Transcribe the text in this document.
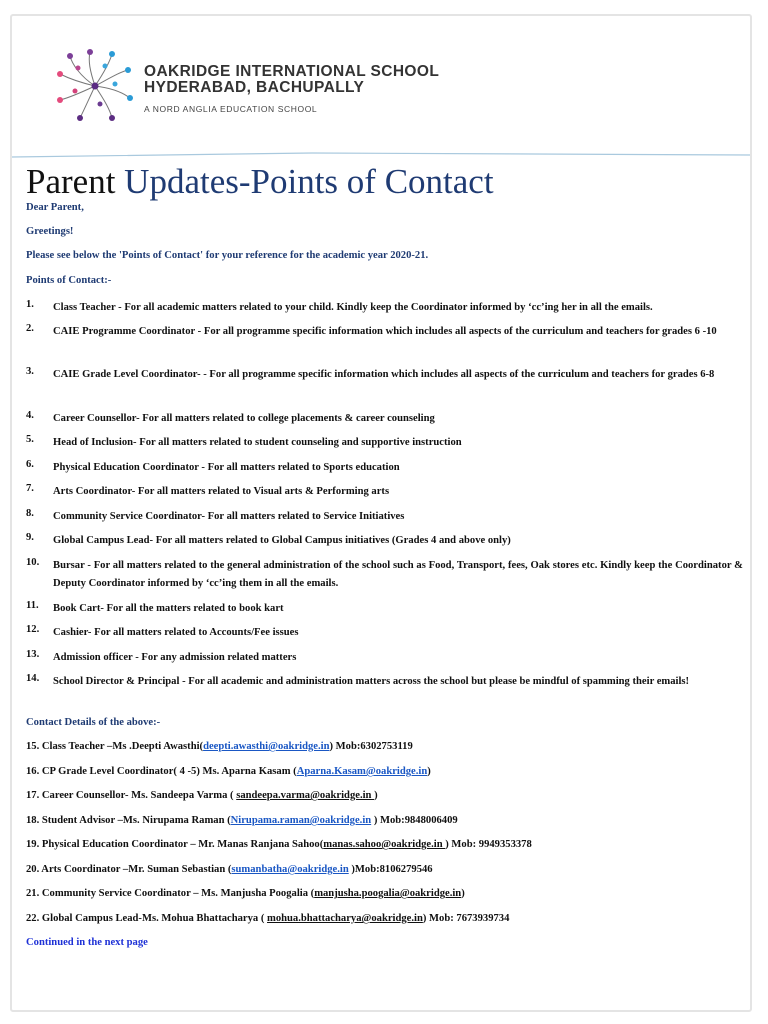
OAKRIDGE INTERNATIONAL SCHOOL
HYDERABAD, BACHUPALLY
A NORD ANGLIA EDUCATION SCHOOL
Parent Updates-Points of Contact
Dear Parent,
Greetings!
Please see below the 'Points of Contact' for your reference for the academic year 2020-21.
Points of Contact:-
1. Class Teacher - For all academic matters related to your child. Kindly keep the Coordinator informed by ‘cc’ing her in all the emails.
2. CAIE Programme Coordinator - For all programme specific information which includes all aspects of the curriculum and teachers for grades 6 -10
3. CAIE Grade Level Coordinator- - For all programme specific information which includes all aspects of the curriculum and teachers for grades 6-8
4. Career Counsellor- For all matters related to college placements & career counseling
5. Head of Inclusion- For all matters related to student counseling and supportive instruction
6. Physical Education Coordinator - For all matters related to Sports education
7. Arts Coordinator- For all matters related to Visual arts & Performing arts
8. Community Service Coordinator- For all matters related to Service Initiatives
9. Global Campus Lead- For all matters related to Global Campus initiatives (Grades 4 and above only)
10. Bursar - For all matters related to the general administration of the school such as Food, Transport, fees, Oak stores etc. Kindly keep the Coordinator & Deputy Coordinator informed by ‘cc’ing them in all the emails.
11. Book Cart- For all the matters related to book kart
12. Cashier- For all matters related to Accounts/Fee issues
13. Admission officer - For any admission related matters
14. School Director & Principal - For all academic and administration matters across the school but please be mindful of spamming their emails!
Contact Details of the above:-
15. Class Teacher –Ms .Deepti Awasthi(deepti.awasthi@oakridge.in) Mob:6302753119
16. CP Grade Level Coordinator( 4 -5) Ms. Aparna Kasam (Aparna.Kasam@oakridge.in)
17. Career Counsellor- Ms. Sandeepa Varma ( sandeepa.varma@oakridge.in )
18. Student Advisor –Ms. Nirupama Raman (Nirupama.raman@oakridge.in ) Mob:9848006409
19. Physical Education Coordinator – Mr. Manas Ranjana Sahoo(manas.sahoo@oakridge.in ) Mob: 9949353378
20. Arts Coordinator –Mr. Suman Sebastian (sumanbatha@oakridge.in )Mob:8106279546
21. Community Service Coordinator – Ms. Manjusha Poogalia (manjusha.poogalia@oakridge.in)
22. Global Campus Lead-Ms. Mohua Bhattacharya ( mohua.bhattacharya@oakridge.in) Mob: 7673939734
Continued in the next page
